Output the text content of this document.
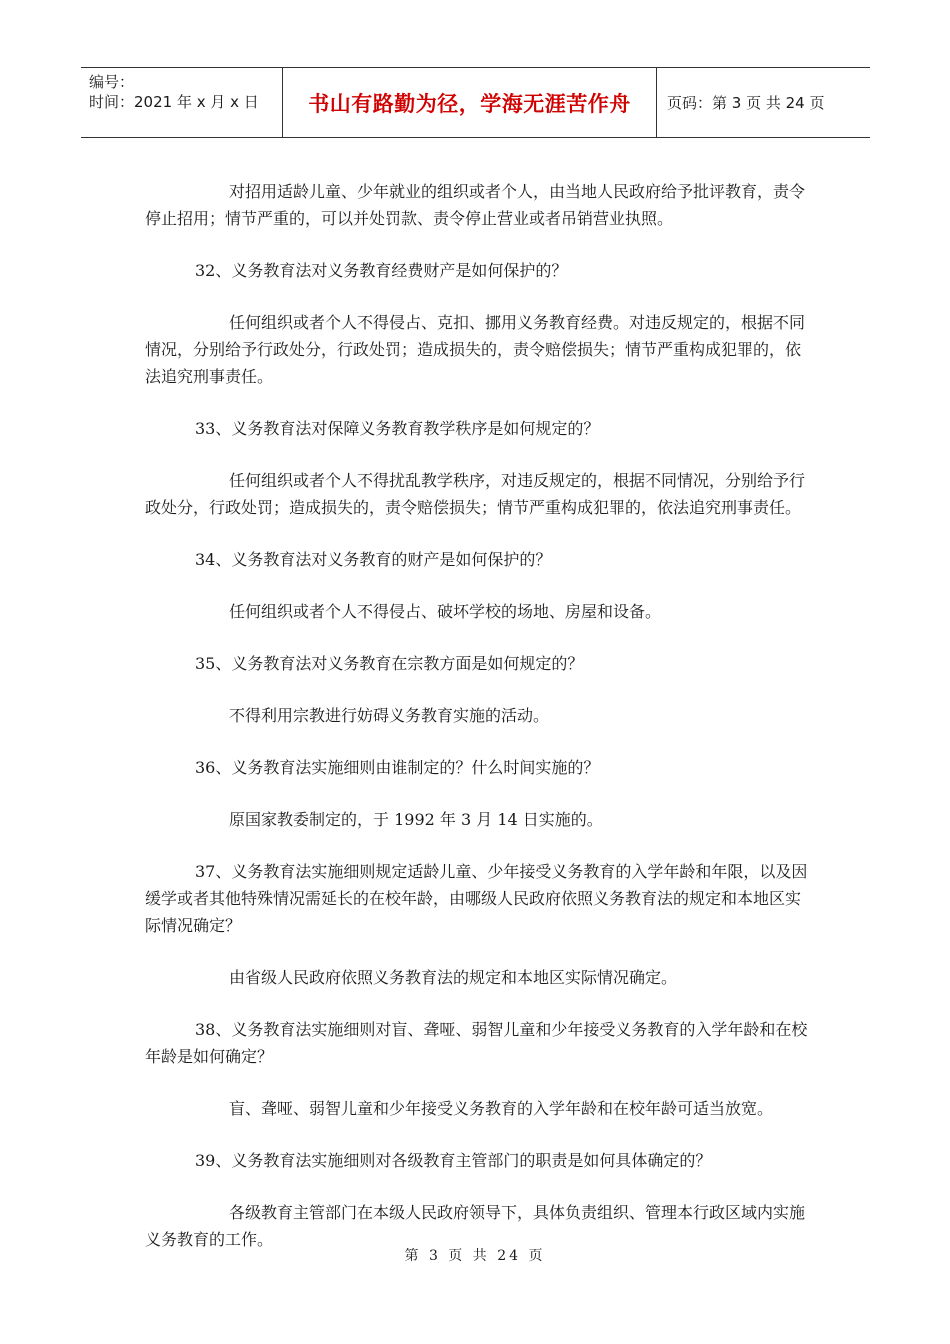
编号：
时间：2021 年 x 月 x 日 书山有路勤为径，学海无涯苦作舟 页码：第 3 页 共 24 页

对招用适龄儿童、少年就业的组织或者个人，由当地人民政府给予批评教育，责令停止招用；情节严重的，可以并处罚款、责令停止营业或者吊销营业执照。

32、义务教育法对义务教育经费财产是如何保护的？

任何组织或者个人不得侵占、克扣、挪用义务教育经费。对违反规定的，根据不同情况，分别给予行政处分，行政处罚；造成损失的，责令赔偿损失；情节严重构成犯罪的，依法追究刑事责任。

33、义务教育法对保障义务教育教学秩序是如何规定的？

任何组织或者个人不得扰乱教学秩序，对违反规定的，根据不同情况，分别给予行政处分，行政处罚；造成损失的，责令赔偿损失；情节严重构成犯罪的，依法追究刑事责任。

34、义务教育法对义务教育的财产是如何保护的？

任何组织或者个人不得侵占、破坏学校的场地、房屋和设备。

35、义务教育法对义务教育在宗教方面是如何规定的？

不得利用宗教进行妨碍义务教育实施的活动。

36、义务教育法实施细则由谁制定的？什么时间实施的？

原国家教委制定的，于 1992 年 3 月 14 日实施的。

37、义务教育法实施细则规定适龄儿童、少年接受义务教育的入学年龄和年限，以及因缓学或者其他特殊情况需延长的在校年龄，由哪级人民政府依照义务教育法的规定和本地区实际情况确定？

由省级人民政府依照义务教育法的规定和本地区实际情况确定。

38、义务教育法实施细则对盲、聋哑、弱智儿童和少年接受义务教育的入学年龄和在校年龄是如何确定？

盲、聋哑、弱智儿童和少年接受义务教育的入学年龄和在校年龄可适当放宽。

39、义务教育法实施细则对各级教育主管部门的职责是如何具体确定的？

各级教育主管部门在本级人民政府领导下，具体负责组织、管理本行政区域内实施义务教育的工作。

第 3 页 共 24 页
